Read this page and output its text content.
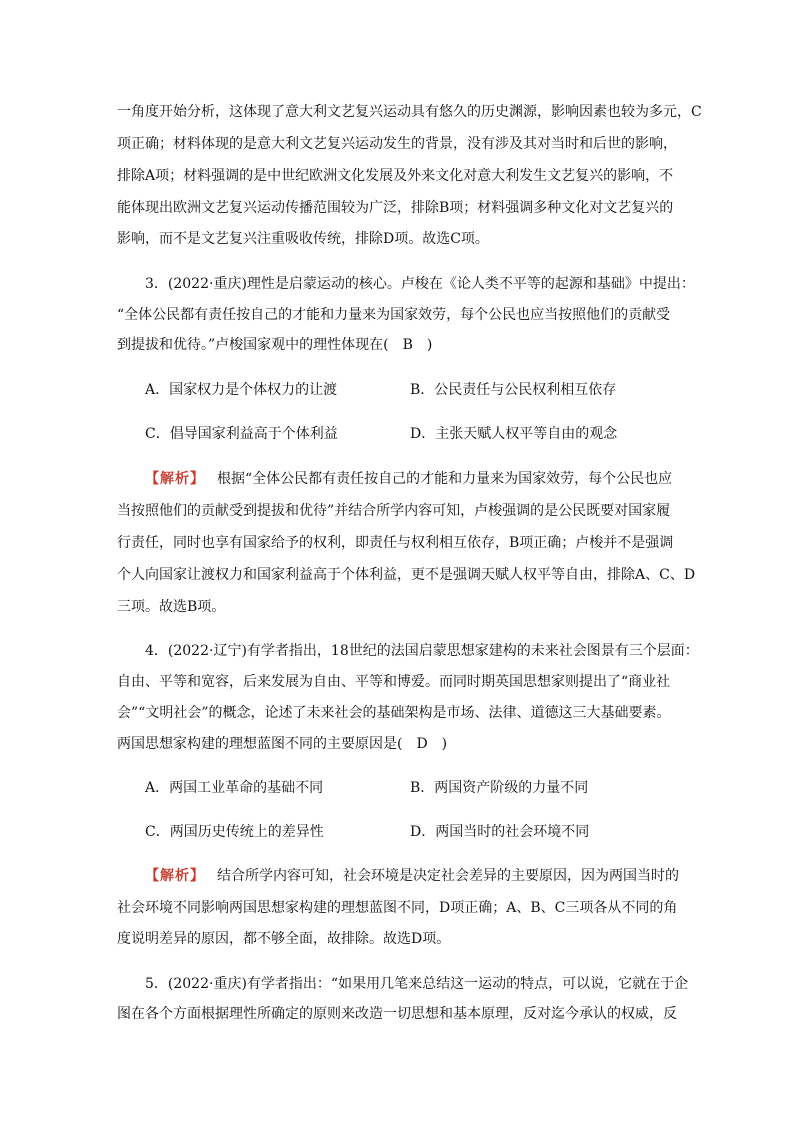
一角度开始分析，这体现了意大利文艺复兴运动具有悠久的历史渊源，影响因素也较为多元，C
项正确；材料体现的是意大利文艺复兴运动发生的背景，没有涉及其对当时和后世的影响，
排除A项；材料强调的是中世纪欧洲文化发展及外来文化对意大利发生文艺复兴的影响，不
能体现出欧洲文艺复兴运动传播范围较为广泛，排除B项；材料强调多种文化对文艺复兴的
影响，而不是文艺复兴注重吸收传统，排除D项。故选C项。
3．(2022·重庆)理性是启蒙运动的核心。卢梭在《论人类不平等的起源和基础》中提出：
“全体公民都有责任按自己的才能和力量来为国家效劳，每个公民也应当按照他们的贡献受
到提拔和优待。”卢梭国家观中的理性体现在(　B　)
A．国家权力是个体权力的让渡	B．公民责任与公民权利相互依存
C．倡导国家利益高于个体利益	D．主张天赋人权平等自由的观念
【解析】 根据“全体公民都有责任按自己的才能和力量来为国家效劳，每个公民也应
当按照他们的贡献受到提拔和优待”并结合所学内容可知，卢梭强调的是公民既要对国家履
行责任，同时也享有国家给予的权利，即责任与权利相互依存，B项正确；卢梭并不是强调
个人向国家让渡权力和国家利益高于个体利益，更不是强调天赋人权平等自由，排除A、C、D
三项。故选B项。
4．(2022·辽宁)有学者指出，18世纪的法国启蒙思想家建构的未来社会图景有三个层面：
自由、平等和宽容，后来发展为自由、平等和博爱。而同时期英国思想家则提出了“商业社
会”“文明社会”的概念，论述了未来社会的基础架构是市场、法律、道德这三大基础要素。
两国思想家构建的理想蓝图不同的主要原因是(　D　)
A．两国工业革命的基础不同	B．两国资产阶级的力量不同
C．两国历史传统上的差异性	D．两国当时的社会环境不同
【解析】 结合所学内容可知，社会环境是决定社会差异的主要原因，因为两国当时的
社会环境不同影响两国思想家构建的理想蓝图不同，D项正确；A、B、C三项各从不同的角
度说明差异的原因，都不够全面，故排除。故选D项。
5．(2022·重庆)有学者指出：“如果用几笔来总结这一运动的特点，可以说，它就在于企
图在各个方面根据理性所确定的原则来改造一切思想和基本原理，反对迄今承认的权威，反
